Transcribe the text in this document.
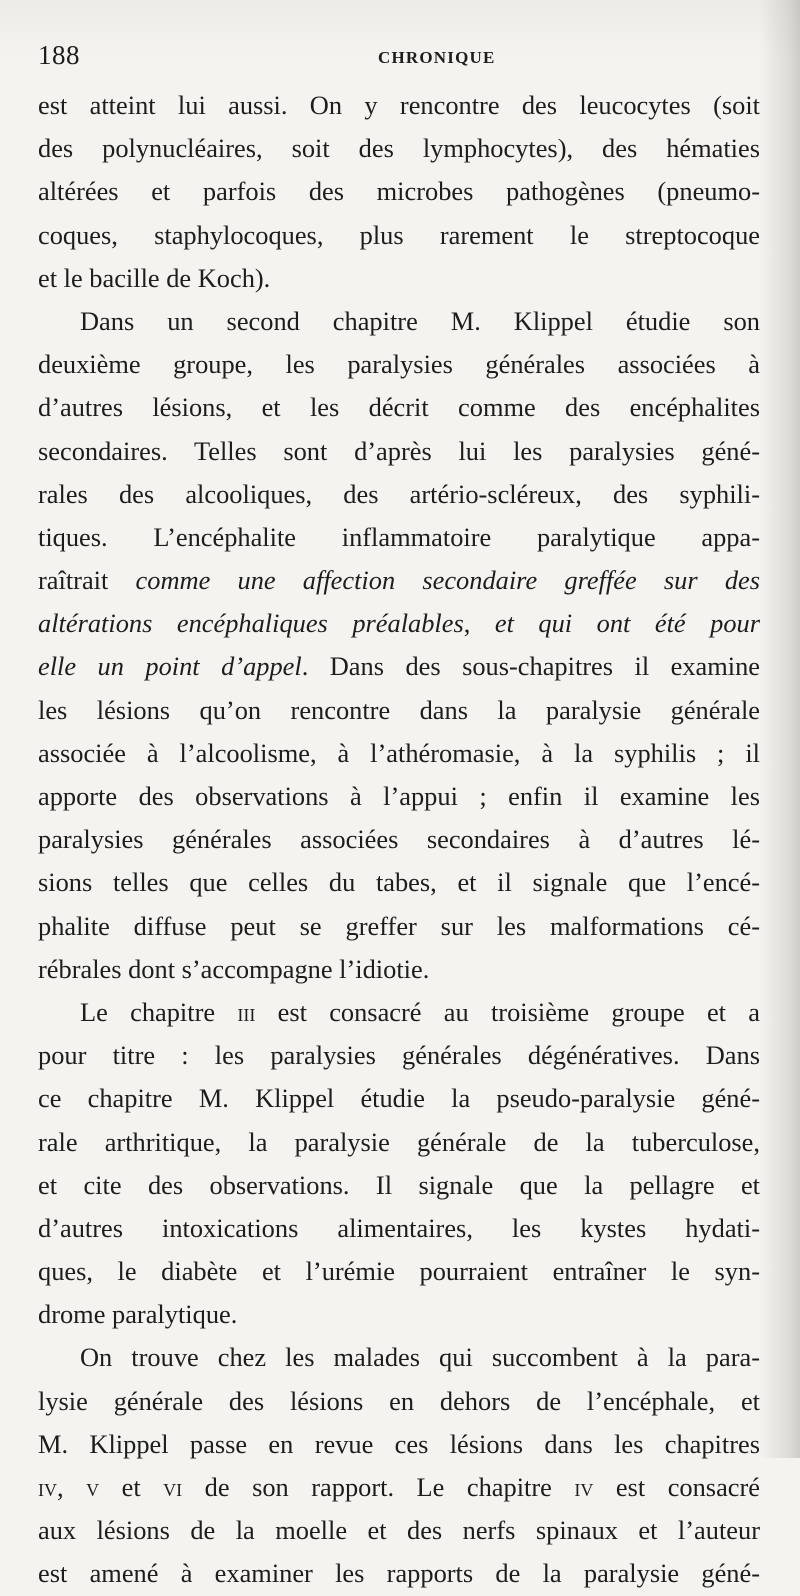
188	CHRONIQUE
est atteint lui aussi. On y rencontre des leucocytes (soit
des polynucléaires, soit des lymphocytes), des hématies
altérées et parfois des microbes pathogènes (pneumo-
coques, staphylocoques, plus rarement le streptocoque
et le bacille de Koch).
Dans un second chapitre M. Klippel étudie son
deuxième groupe, les paralysies générales associées à
d’autres lésions, et les décrit comme des encéphalites
secondaires. Telles sont d’après lui les paralysies géné-
rales des alcooliques, des artério-scléreux, des syphili-
tiques. L’encéphalite inflammatoire paralytique appa-
raîtrait comme une affection secondaire greffée sur des
altérations encéphaliques préalables, et qui ont été pour
elle un point d’appel. Dans des sous-chapitres il examine
les lésions qu’on rencontre dans la paralysie générale
associée à l’alcoolisme, à l’athéromasie, à la syphilis ; il
apporte des observations à l’appui ; enfin il examine les
paralysies générales associées secondaires à d’autres lé-
sions telles que celles du tabes, et il signale que l’encé-
phalite diffuse peut se greffer sur les malformations cé-
rébrales dont s’accompagne l’idiotie.
Le chapitre iii est consacré au troisième groupe et a
pour titre : les paralysies générales dégénératives. Dans
ce chapitre M. Klippel étudie la pseudo-paralysie géné-
rale arthritique, la paralysie générale de la tuberculose,
et cite des observations. Il signale que la pellagre et
d’autres intoxications alimentaires, les kystes hydati-
ques, le diabète et l’urémie pourraient entraîner le syn-
drome paralytique.
On trouve chez les malades qui succombent à la para-
lysie générale des lésions en dehors de l’encéphale, et
M. Klippel passe en revue ces lésions dans les chapitres
iv, v et vi de son rapport. Le chapitre iv est consacré
aux lésions de la moelle et des nerfs spinaux et l’auteur
est amené à examiner les rapports de la paralysie géné-
